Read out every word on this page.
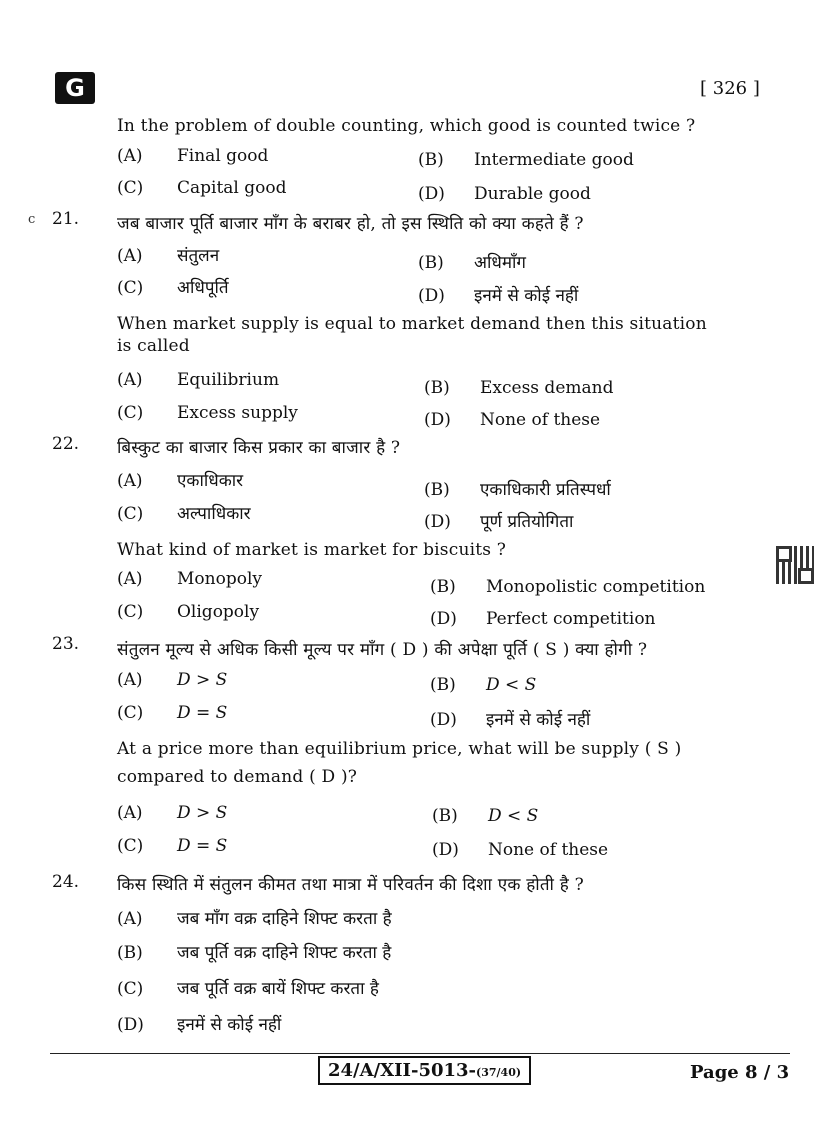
G	[ 326 ]
In the problem of double counting, which good is counted twice ?
(A) Final good	(B) Intermediate good
(C) Capital good	(D) Durable good
c 21. जब बाजार पूर्ति बाजार माँग के बराबर हो, तो इस स्थिति को क्या कहते हैं ?
(A) संतुलन	(B) अधिमाँग
(C) अधिपूर्ति	(D) इनमें से कोई नहीं
When market supply is equal to market demand then this situation
is called
(A) Equilibrium	(B) Excess demand
(C) Excess supply	(D) None of these
22. बिस्कुट का बाजार किस प्रकार का बाजार है ?
(A) एकाधिकार	(B) एकाधिकारी प्रतिस्पर्धा
(C) अल्पाधिकार	(D) पूर्ण प्रतियोगिता
What kind of market is market for biscuits ?
(A) Monopoly	(B) Monopolistic competition
(C) Oligopoly	(D) Perfect competition
23. संतुलन मूल्य से अधिक किसी मूल्य पर माँग ( D ) की अपेक्षा पूर्ति ( S ) क्या होगी ?
(A) D > S	(B) D < S
(C) D = S	(D) इनमें से कोई नहीं
At a price more than equilibrium price, what will be supply ( S )
compared to demand ( D )?
(A) D > S	(B) D < S
(C) D = S	(D) None of these
24. किस स्थिति में संतुलन कीमत तथा मात्रा में परिवर्तन की दिशा एक होती है ?
(A) जब माँग वक्र दाहिने शिफ्ट करता है
(B) जब पूर्ति वक्र दाहिने शिफ्ट करता है
(C) जब पूर्ति वक्र बायें शिफ्ट करता है
(D) इनमें से कोई नहीं
24/A/XII-5013-(37/40)	Page 8 / 3
